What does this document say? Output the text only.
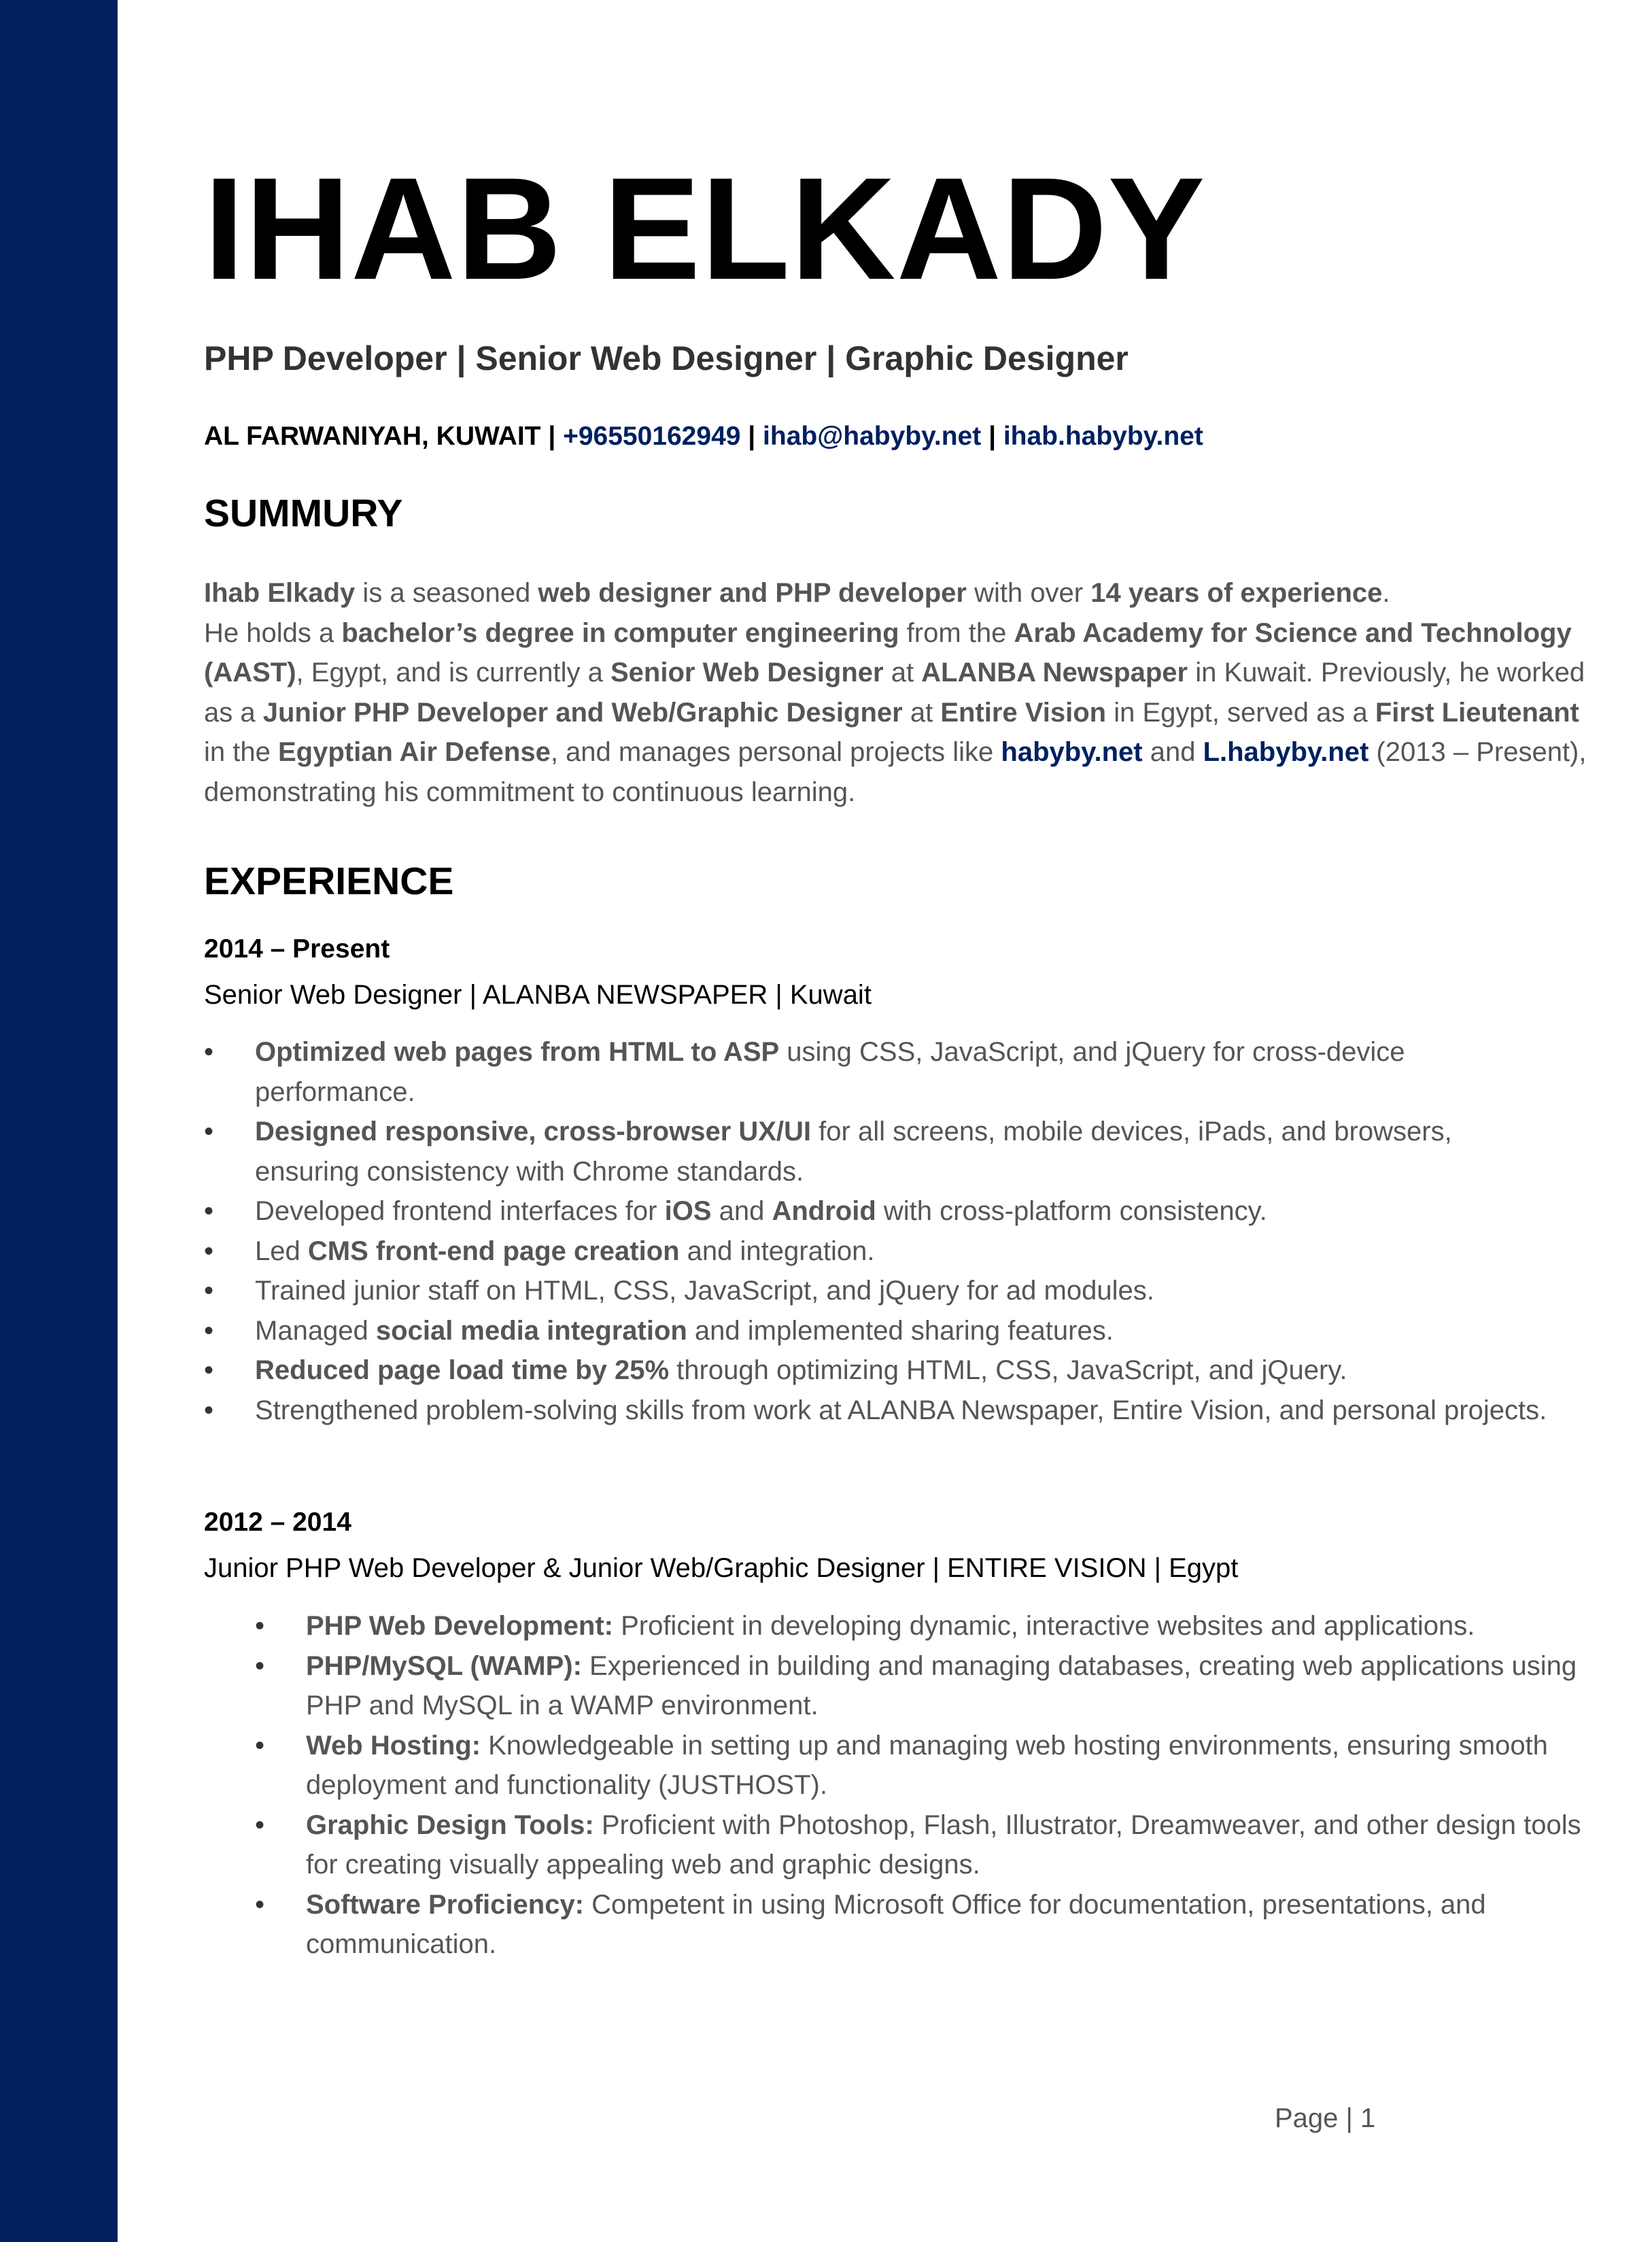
IHAB ELKADY
PHP Developer | Senior Web Designer | Graphic Designer
AL FARWANIYAH, KUWAIT | +96550162949 | ihab@habyby.net | ihab.habyby.net
SUMMURY
Ihab Elkady is a seasoned web designer and PHP developer with over 14 years of experience.
He holds a bachelor’s degree in computer engineering from the Arab Academy for Science and Technology (AAST), Egypt, and is currently a Senior Web Designer at ALANBA Newspaper in Kuwait. Previously, he worked as a Junior PHP Developer and Web/Graphic Designer at Entire Vision in Egypt, served as a First Lieutenant in the Egyptian Air Defense, and manages personal projects like habyby.net and L.habyby.net (2013 – Present), demonstrating his commitment to continuous learning.
EXPERIENCE
2014 – Present
Senior Web Designer | ALANBA NEWSPAPER | Kuwait
• Optimized web pages from HTML to ASP using CSS, JavaScript, and jQuery for cross-device performance.
• Designed responsive, cross-browser UX/UI for all screens, mobile devices, iPads, and browsers, ensuring consistency with Chrome standards.
• Developed frontend interfaces for iOS and Android with cross-platform consistency.
• Led CMS front-end page creation and integration.
• Trained junior staff on HTML, CSS, JavaScript, and jQuery for ad modules.
• Managed social media integration and implemented sharing features.
• Reduced page load time by 25% through optimizing HTML, CSS, JavaScript, and jQuery.
• Strengthened problem-solving skills from work at ALANBA Newspaper, Entire Vision, and personal projects.
2012 – 2014
Junior PHP Web Developer & Junior Web/Graphic Designer | ENTIRE VISION | Egypt
• PHP Web Development: Proficient in developing dynamic, interactive websites and applications.
• PHP/MySQL (WAMP): Experienced in building and managing databases, creating web applications using PHP and MySQL in a WAMP environment.
• Web Hosting: Knowledgeable in setting up and managing web hosting environments, ensuring smooth deployment and functionality (JUSTHOST).
• Graphic Design Tools: Proficient with Photoshop, Flash, Illustrator, Dreamweaver, and other design tools for creating visually appealing web and graphic designs.
• Software Proficiency: Competent in using Microsoft Office for documentation, presentations, and communication.
Page | 1
